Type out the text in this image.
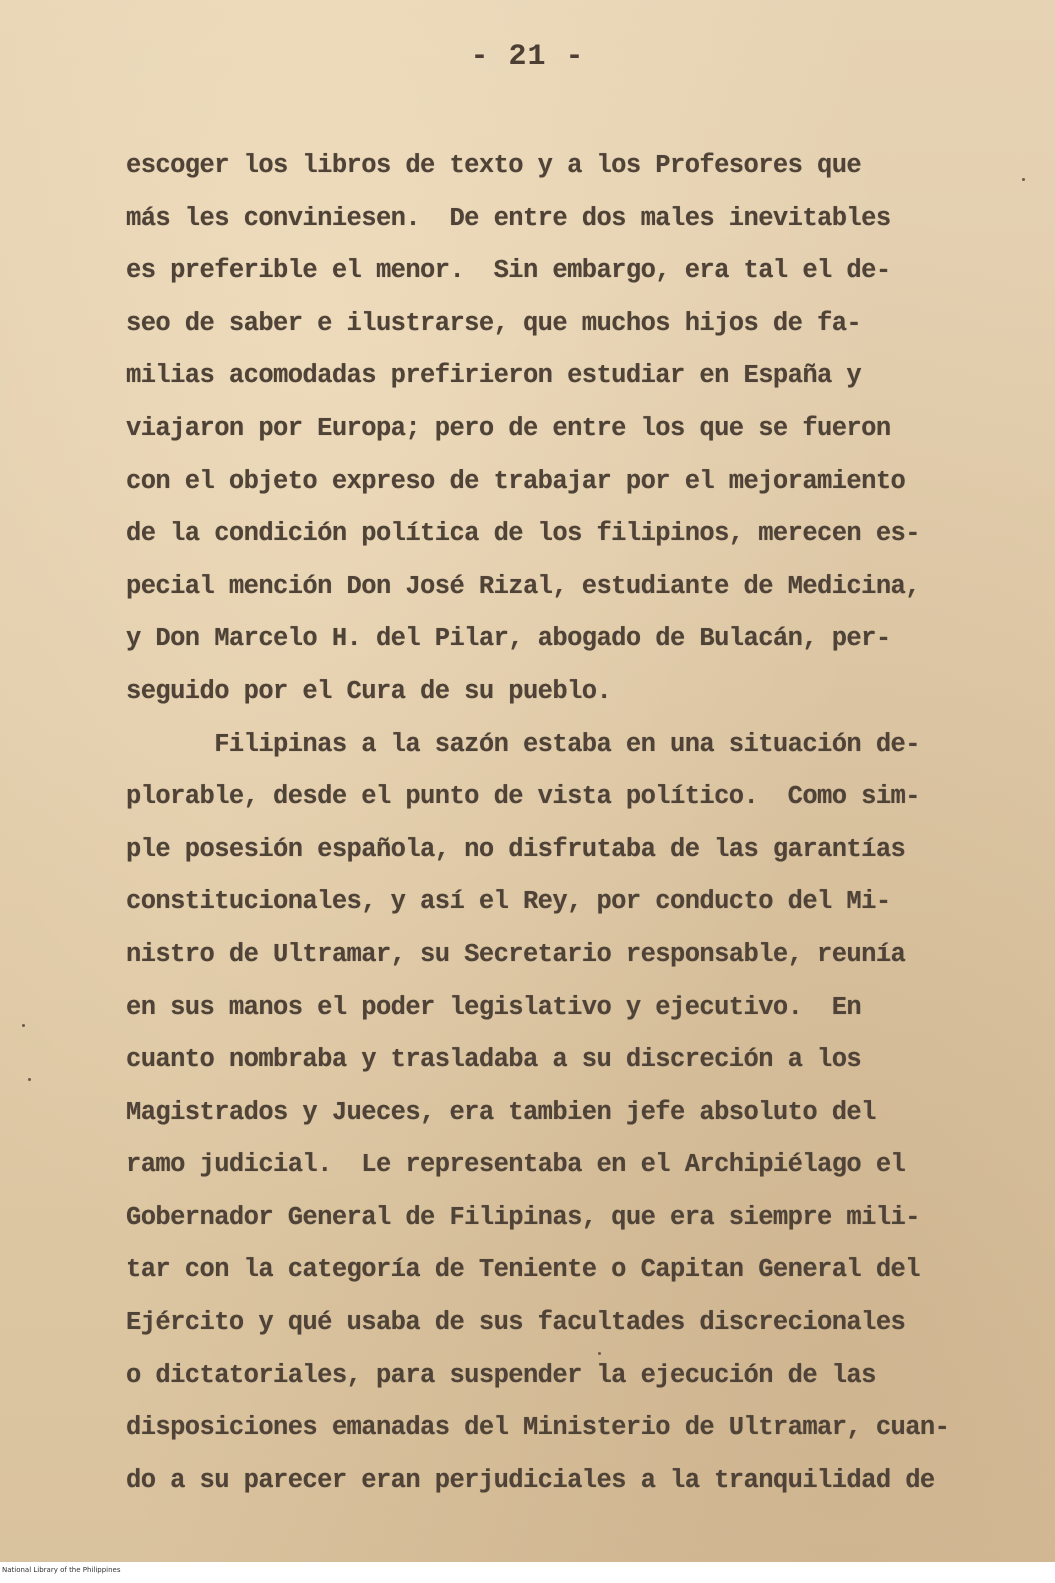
- 21 -
escoger los libros de texto y a los Profesores que
más les conviniesen.  De entre dos males inevitables
es preferible el menor.  Sin embargo, era tal el de-
seo de saber e ilustrarse, que muchos hijos de fa-
milias acomodadas prefirieron estudiar en España y
viajaron por Europa; pero de entre los que se fueron
con el objeto expreso de trabajar por el mejoramiento
de la condición política de los filipinos, merecen es-
pecial mención Don José Rizal, estudiante de Medicina,
y Don Marcelo H. del Pilar, abogado de Bulacán, per-
seguido por el Cura de su pueblo.
Filipinas a la sazón estaba en una situación de-
plorable, desde el punto de vista político.  Como sim-
ple posesión española, no disfrutaba de las garantías
constitucionales, y así el Rey, por conducto del Mi-
nistro de Ultramar, su Secretario responsable, reunía
en sus manos el poder legislativo y ejecutivo.  En
cuanto nombraba y trasladaba a su discreción a los
Magistrados y Jueces, era tambien jefe absoluto del
ramo judicial.  Le representaba en el Archipiélago el
Gobernador General de Filipinas, que era siempre mili-
tar con la categoría de Teniente o Capitan General del
Ejército y qué usaba de sus facultades discrecionales
o dictatoriales, para suspender la ejecución de las
disposiciones emanadas del Ministerio de Ultramar, cuan-
do a su parecer eran perjudiciales a la tranquilidad de
National Library of the Philippines
